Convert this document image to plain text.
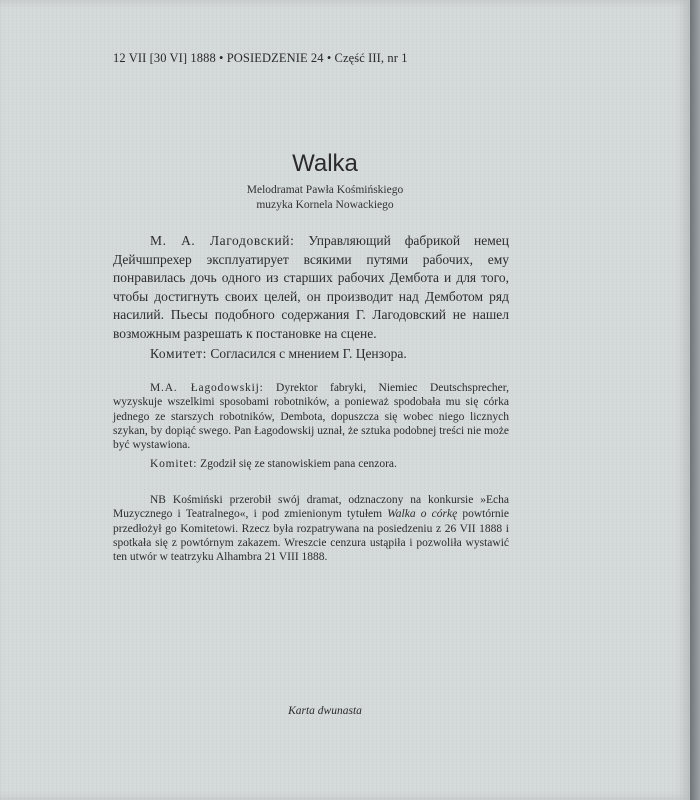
12 VII [30 VI] 1888 • POSIEDZENIE 24 • Część III, nr 1
Walka
Melodramat Pawła Kośmińskiego
muzyka Kornela Nowackiego

М. А. Лагодовский: Управляющий фабрикой немец Дейчшпрехер эксплуатирует всякими путями рабочих, ему понравилась дочь одного из старших рабочих Дембота и для того, чтобы достигнуть своих целей, он производит над Демботом ряд насилий. Пьесы подобного содержания Г. Лагодовский не нашел возможным разрешать к постановке на сцене.

Комитет: Согласился с мнением Г. Цензора.

M.A. Łagodowskij: Dyrektor fabryki, Niemiec Deutschsprecher, wyzyskuje wszelkimi sposobami robotników, a ponieważ spodobała mu się córka jednego ze starszych robotników, Dembota, dopuszcza się wobec niego licznych szykan, by dopiąć swego. Pan Łagodowskij uznał, że sztuka podobnej treści nie może być wystawiona.

Komitet: Zgodził się ze stanowiskiem pana cenzora.

NB Kośmiński przerobił swój dramat, odznaczony na konkursie »Echa Muzycznego i Teatralnego«, i pod zmienionym tytułem Walka o córkę powtórnie przedłożył go Komitetowi. Rzecz była rozpatrywana na posiedzeniu z 26 VII 1888 i spotkała się z powtórnym zakazem. Wreszcie cenzura ustąpiła i pozwoliła wystawić ten utwór w teatrzyku Alhambra 21 VIII 1888.

Karta dwunasta
